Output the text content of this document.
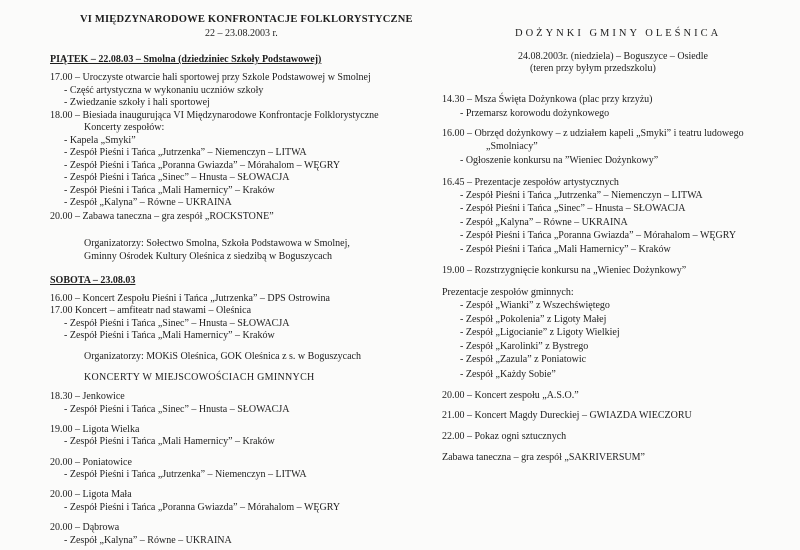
VI MIĘDZYNARODOWE KONFRONTACJE FOLKLORYSTYCZNE
22 – 23.08.2003 r.
PIĄTEK – 22.08.03 – Smolna (dziedziniec Szkoły Podstawowej)
17.00 – Uroczyste otwarcie hali sportowej przy Szkole Podstawowej w Smolnej
- Część artystyczna w wykonaniu uczniów szkoły
- Zwiedzanie szkoły i hali sportowej
18.00 – Biesiada inaugurująca VI Międzynarodowe Konfrontacje Folklorystyczne
Koncerty zespołów:
- Kapela „Smyki”
- Zespół Pieśni i Tańca „Jutrzenka” – Niemenczyn – LITWA
- Zespół Pieśni i Tańca „Poranna Gwiazda” – Mórahalom – WĘGRY
- Zespół Pieśni i Tańca „Sinec” – Hnusta – SŁOWACJA
- Zespół Pieśni i Tańca „Mali Hamernicy” – Kraków
- Zespół „Kalyna” – Równe – UKRAINA
20.00 – Zabawa taneczna – gra zespół „ROCKSTONE”
Organizatorzy: Sołectwo Smolna, Szkoła Podstawowa w Smolnej,
Gminny Ośrodek Kultury Oleśnica z siedzibą w Boguszycach
SOBOTA – 23.08.03
16.00 – Koncert Zespołu Pieśni i Tańca „Jutrzenka” – DPS Ostrowina
17.00 Koncert – amfiteatr nad stawami – Oleśnica
- Zespół Pieśni i Tańca „Sinec” – Hnusta – SŁOWACJA
- Zespół Pieśni i Tańca „Mali Hamernicy” – Kraków
Organizatorzy: MOKiS Oleśnica, GOK Oleśnica z s. w Boguszycach
KONCERTY W MIEJSCOWOŚCIACH GMINNYCH
18.30 – Jenkowice
- Zespół Pieśni i Tańca „Sinec” – Hnusta – SŁOWACJA
19.00 – Ligota Wielka
- Zespół Pieśni i Tańca „Mali Hamernicy” – Kraków
20.00 – Poniatowice
- Zespół Pieśni i Tańca „Jutrzenka” – Niemenczyn – LITWA
20.00 – Ligota Mała
- Zespół Pieśni i Tańca „Poranna Gwiazda” – Mórahalom – WĘGRY
20.00 – Dąbrowa
- Zespół „Kalyna” – Równe – UKRAINA
DOŻYNKI GMINY OLEŚNICA
24.08.2003r. (niedziela) – Boguszyce – Osiedle
(teren przy byłym przedszkolu)
14.30 – Msza Święta Dożynkowa (plac przy krzyżu)
- Przemarsz korowodu dożynkowego
16.00 – Obrzęd dożynkowy – z udziałem kapeli „Smyki” i teatru ludowego
„Smolniacy”
- Ogłoszenie konkursu na ”Wieniec Dożynkowy”
16.45 – Prezentacje zespołów artystycznych
- Zespół Pieśni i Tańca „Jutrzenka” – Niemenczyn – LITWA
- Zespół Pieśni i Tańca „Sinec” – Hnusta – SŁOWACJA
- Zespół „Kalyna” – Równe – UKRAINA
- Zespół Pieśni i Tańca „Poranna Gwiazda” – Mórahalom – WĘGRY
- Zespół Pieśni i Tańca „Mali Hamernicy” – Kraków
19.00 – Rozstrzygnięcie konkursu na „Wieniec Dożynkowy”
Prezentacje zespołów gminnych:
- Zespół „Wianki” z Wszechświętego
- Zespół „Pokolenia” z Ligoty Małej
- Zespół „Ligocianie” z Ligoty Wielkiej
- Zespół „Karolinki” z Bystrego
- Zespół „Zazula” z Poniatowic
- Zespół „Każdy Sobie”
20.00 – Koncert zespołu „A.S.O.”
21.00 – Koncert Magdy Dureckiej – GWIAZDA WIECZORU
22.00 – Pokaz ogni sztucznych
Zabawa taneczna – gra zespół „SAKRIVERSUM”
